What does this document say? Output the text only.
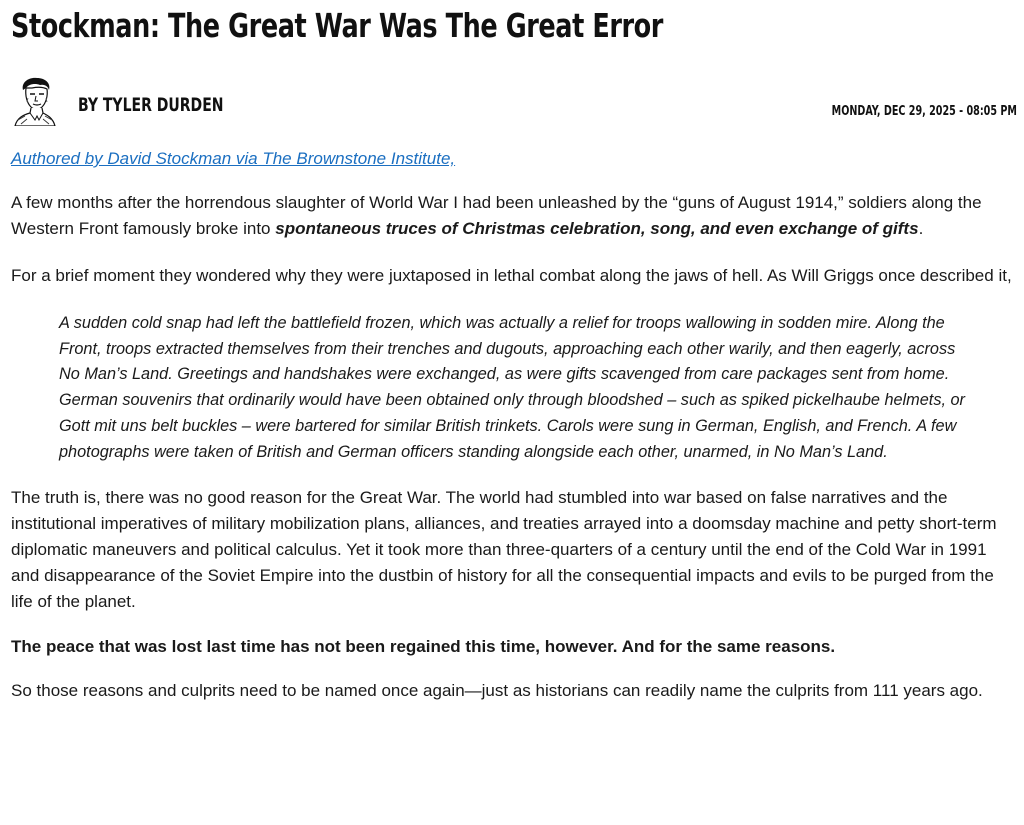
Stockman: The Great War Was The Great Error
BY TYLER DURDEN	MONDAY, DEC 29, 2025 - 08:05 PM
Authored by David Stockman via The Brownstone Institute,

A few months after the horrendous slaughter of World War I had been unleashed by the “guns of August 1914,” soldiers along the Western Front famously broke into spontaneous truces of Christmas celebration, song, and even exchange of gifts.

For a brief moment they wondered why they were juxtaposed in lethal combat along the jaws of hell. As Will Griggs once described it,

A sudden cold snap had left the battlefield frozen, which was actually a relief for troops wallowing in sodden mire. Along the Front, troops extracted themselves from their trenches and dugouts, approaching each other warily, and then eagerly, across No Man’s Land. Greetings and handshakes were exchanged, as were gifts scavenged from care packages sent from home. German souvenirs that ordinarily would have been obtained only through bloodshed – such as spiked pickelhaube helmets, or Gott mit uns belt buckles – were bartered for similar British trinkets. Carols were sung in German, English, and French. A few photographs were taken of British and German officers standing alongside each other, unarmed, in No Man’s Land.

The truth is, there was no good reason for the Great War. The world had stumbled into war based on false narratives and the institutional imperatives of military mobilization plans, alliances, and treaties arrayed into a doomsday machine and petty short-term diplomatic maneuvers and political calculus. Yet it took more than three-quarters of a century until the end of the Cold War in 1991 and disappearance of the Soviet Empire into the dustbin of history for all the consequential impacts and evils to be purged from the life of the planet.

The peace that was lost last time has not been regained this time, however. And for the same reasons.

So those reasons and culprits need to be named once again—just as historians can readily name the culprits from 111 years ago.
